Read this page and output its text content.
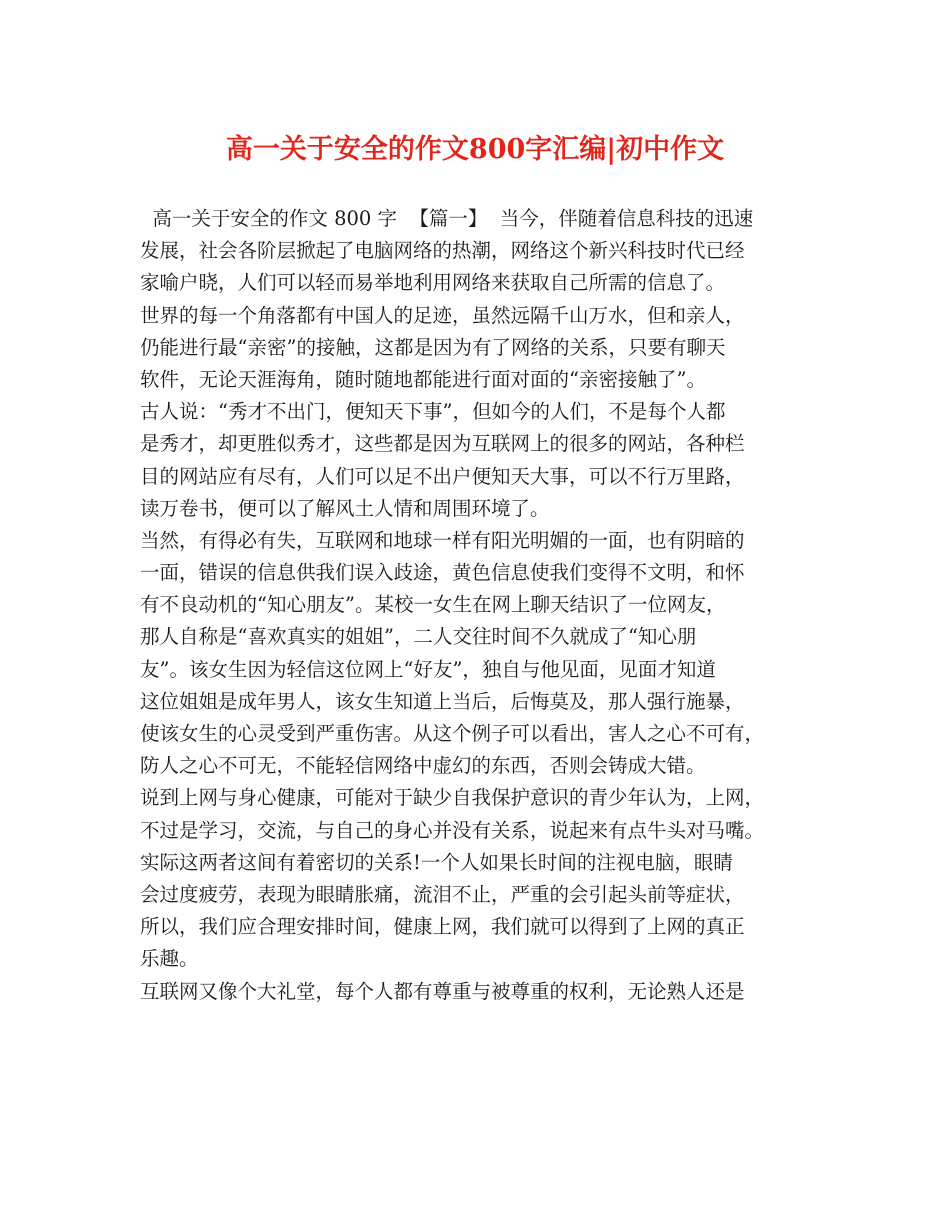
高一关于安全的作文800字汇编|初中作文
高一关于安全的作文 800 字  【篇一】  当今，伴随着信息科技的迅速
发展，社会各阶层掀起了电脑网络的热潮，网络这个新兴科技时代已经
家喻户晓，人们可以轻而易举地利用网络来获取自己所需的信息了。
世界的每一个角落都有中国人的足迹，虽然远隔千山万水，但和亲人，
仍能进行最“亲密”的接触，这都是因为有了网络的关系，只要有聊天
软件，无论天涯海角，随时随地都能进行面对面的“亲密接触了”。
古人说：“秀才不出门，便知天下事”，但如今的人们，不是每个人都
是秀才，却更胜似秀才，这些都是因为互联网上的很多的网站，各种栏
目的网站应有尽有，人们可以足不出户便知天大事，可以不行万里路，
读万卷书，便可以了解风土人情和周围环境了。
当然，有得必有失，互联网和地球一样有阳光明媚的一面，也有阴暗的
一面，错误的信息供我们误入歧途，黄色信息使我们变得不文明，和怀
有不良动机的“知心朋友”。某校一女生在网上聊天结识了一位网友，
那人自称是“喜欢真实的姐姐”，二人交往时间不久就成了“知心朋
友”。该女生因为轻信这位网上“好友”，独自与他见面，见面才知道
这位姐姐是成年男人，该女生知道上当后，后悔莫及，那人强行施暴，
使该女生的心灵受到严重伤害。从这个例子可以看出，害人之心不可有，
防人之心不可无，不能轻信网络中虚幻的东西，否则会铸成大错。
说到上网与身心健康，可能对于缺少自我保护意识的青少年认为，上网，
不过是学习，交流，与自己的身心并没有关系，说起来有点牛头对马嘴。
实际这两者这间有着密切的关系!一个人如果长时间的注视电脑，眼睛
会过度疲劳，表现为眼睛胀痛，流泪不止，严重的会引起头前等症状，
所以，我们应合理安排时间，健康上网，我们就可以得到了上网的真正
乐趣。
互联网又像个大礼堂，每个人都有尊重与被尊重的权利，无论熟人还是
